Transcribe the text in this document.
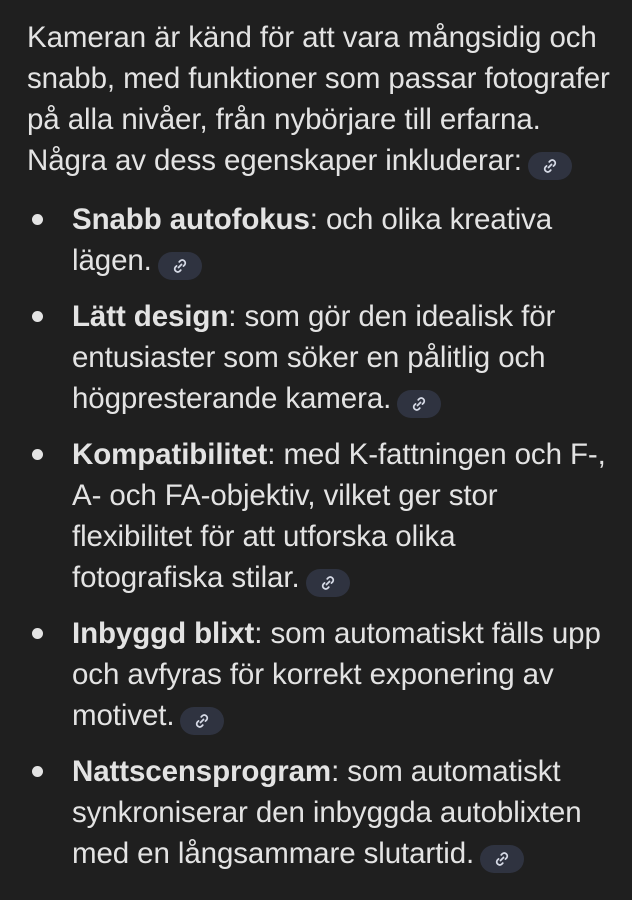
Kameran är känd för att vara mångsidig och snabb, med funktioner som passar fotografer på alla nivåer, från nybörjare till erfarna. Några av dess egenskaper inkluderar:

Snabb autofokus: och olika kreativa lägen.
Lätt design: som gör den idealisk för entusiaster som söker en pålitlig och högpresterande kamera.
Kompatibilitet: med K-fattningen och F-, A- och FA-objektiv, vilket ger stor flexibilitet för att utforska olika fotografiska stilar.
Inbyggd blixt: som automatiskt fälls upp och avfyras för korrekt exponering av motivet.
Nattscensprogram: som automatiskt synkroniserar den inbyggda autoblixten med en långsammare slutartid.
